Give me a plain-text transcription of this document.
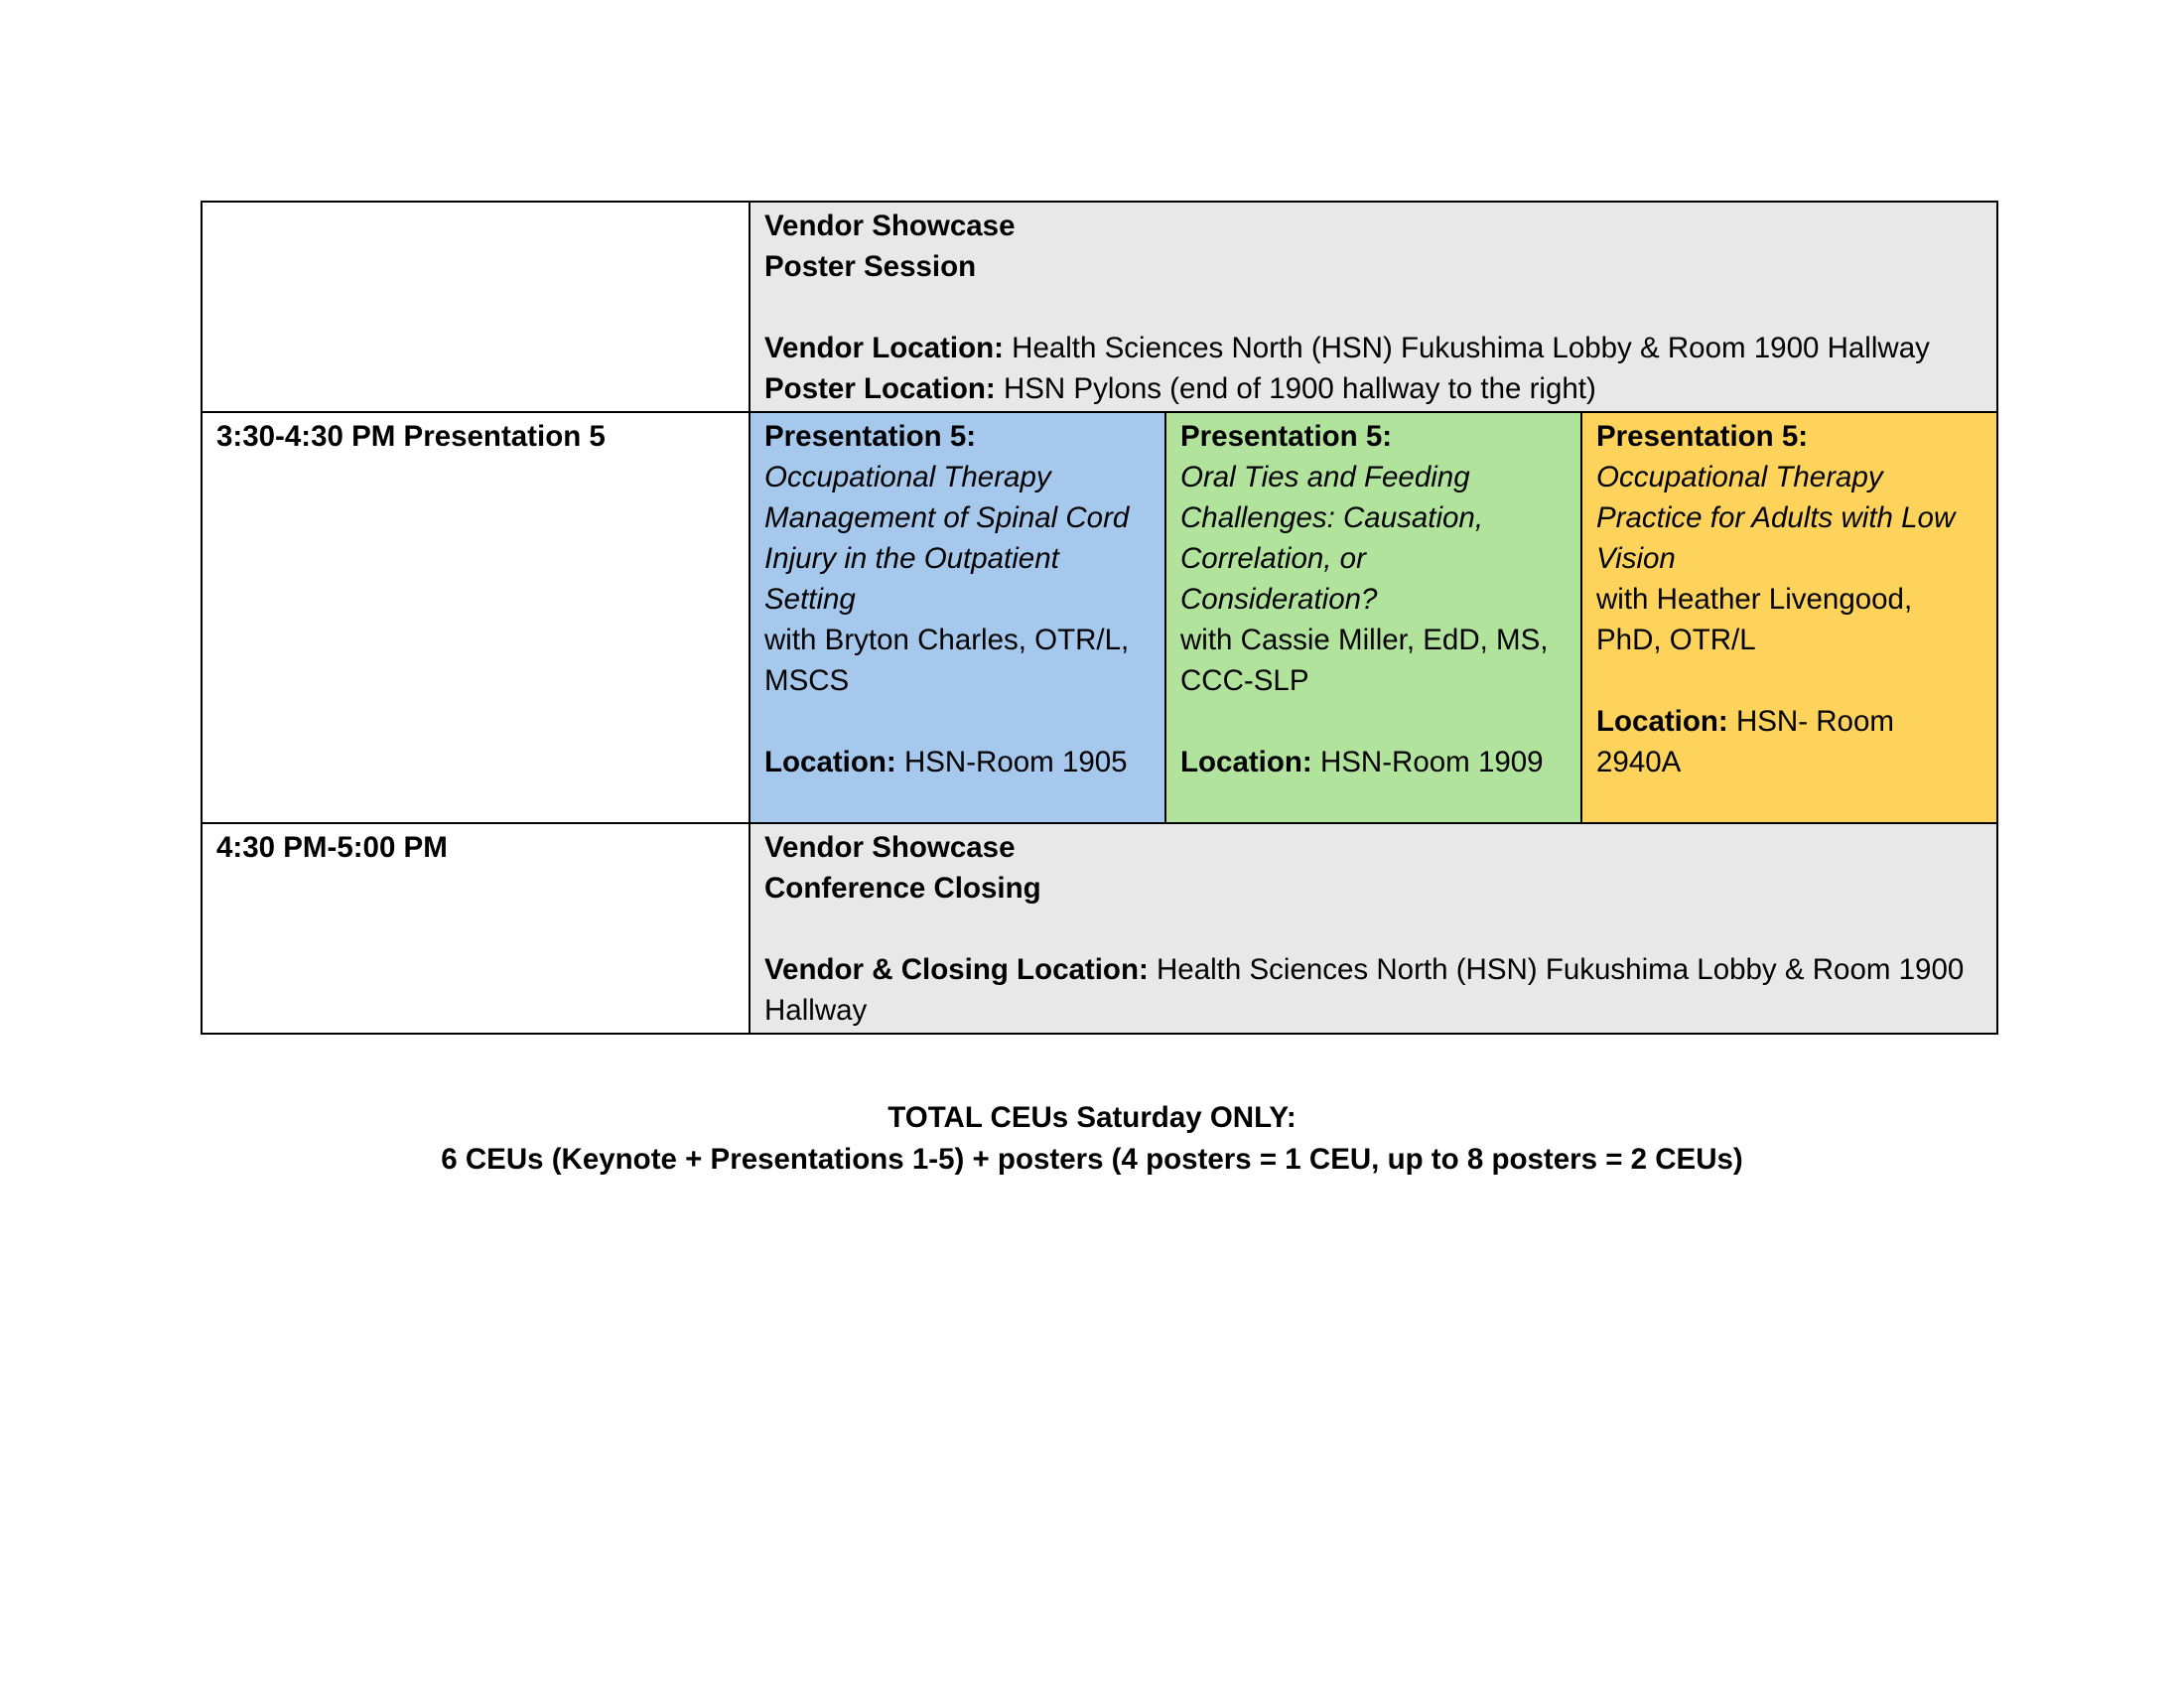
	Vendor Showcase
Poster Session
Vendor Location: Health Sciences North (HSN) Fukushima Lobby & Room 1900 Hallway
Poster Location: HSN Pylons (end of 1900 hallway to the right)		

3:30-4:30 PM Presentation 5	Presentation 5:
Occupational Therapy Management of Spinal Cord Injury in the Outpatient Setting
with Bryton Charles, OTR/L, MSCS
Location: HSN-Room 1905	Presentation 5:
Oral Ties and Feeding Challenges: Causation, Correlation, or Consideration?
with Cassie Miller, EdD, MS, CCC-SLP
Location: HSN-Room 1909	Presentation 5:
Occupational Therapy Practice for Adults with Low Vision
with Heather Livengood, PhD, OTR/L
Location: HSN- Room 2940A

4:30 PM-5:00 PM	Vendor Showcase
Conference Closing
Vendor & Closing Location: Health Sciences North (HSN) Fukushima Lobby & Room 1900 Hallway		
TOTAL CEUs Saturday ONLY:
6 CEUs (Keynote + Presentations 1-5) + posters (4 posters = 1 CEU, up to 8 posters = 2 CEUs)
